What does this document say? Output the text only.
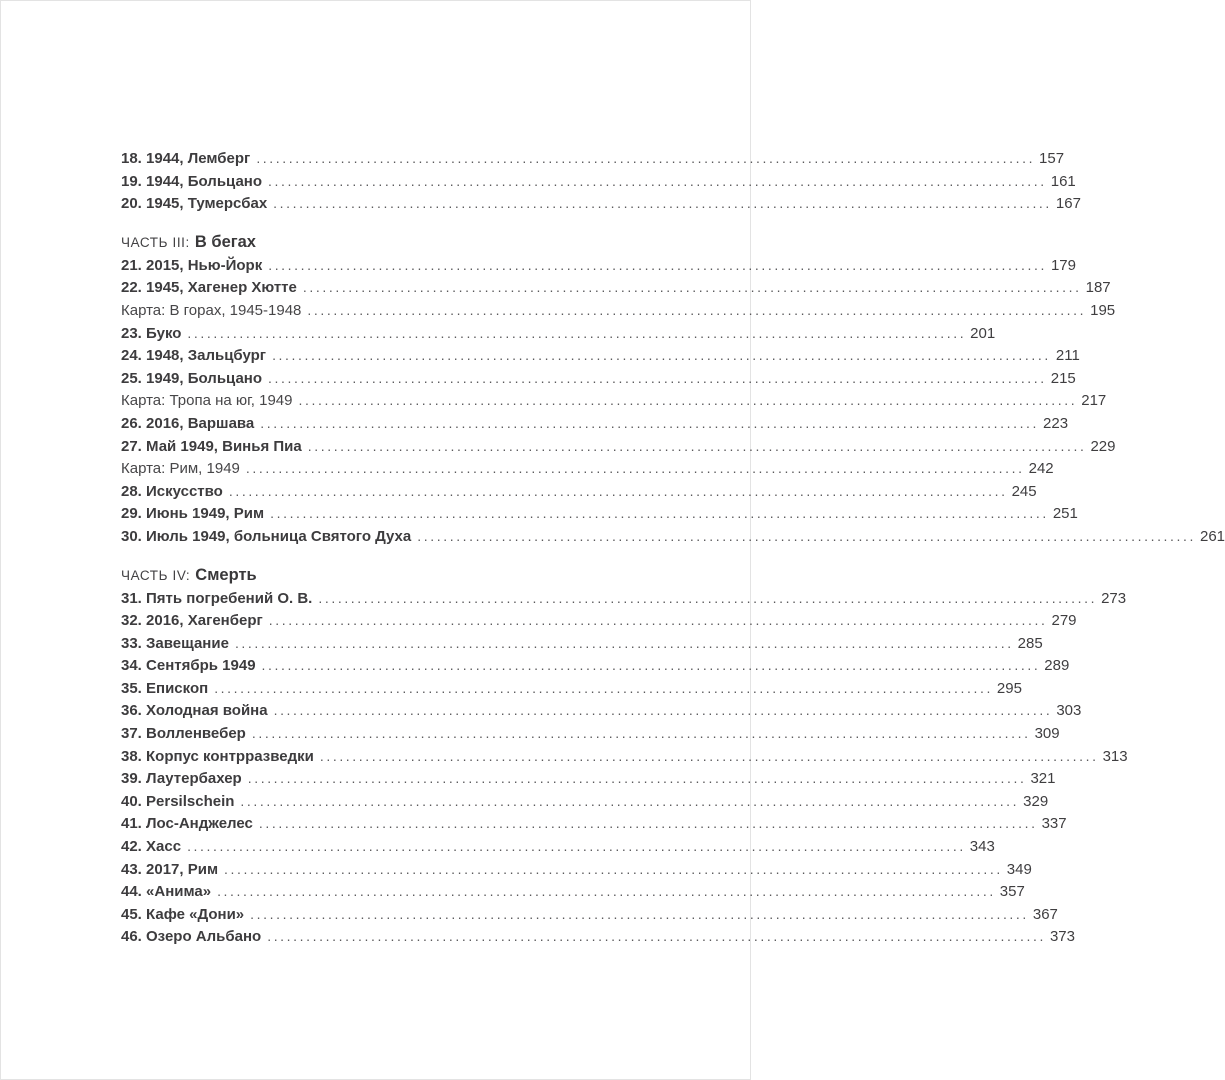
18. 1944, Лемберг ........................................................................................................................ 157
19. 1944, Больцано ........................................................................................................................ 161
20. 1945, Тумерсбах ........................................................................................................................ 167
ЧАСТЬ III: В бегах
21. 2015, Нью-Йорк ........................................................................................................................ 179
22. 1945, Хагенер Хютте ........................................................................................................................ 187
Карта: В горах, 1945-1948 ........................................................................................................................ 195
23. Буко ........................................................................................................................ 201
24. 1948, Зальцбург ........................................................................................................................ 211
25. 1949, Больцано ........................................................................................................................ 215
Карта: Тропа на юг, 1949 ........................................................................................................................ 217
26. 2016, Варшава ........................................................................................................................ 223
27. Май 1949, Винья Пиа ........................................................................................................................ 229
Карта: Рим, 1949 ........................................................................................................................ 242
28. Искусство ........................................................................................................................ 245
29. Июнь 1949, Рим ........................................................................................................................ 251
30. Июль 1949, больница Святого Духа ........................................................................................................................ 261
ЧАСТЬ IV: Смерть
31. Пять погребений О. В. ........................................................................................................................ 273
32. 2016, Хагенберг ........................................................................................................................ 279
33. Завещание ........................................................................................................................ 285
34. Сентябрь 1949 ........................................................................................................................ 289
35. Епископ ........................................................................................................................ 295
36. Холодная война ........................................................................................................................ 303
37. Волленвебер ........................................................................................................................ 309
38. Корпус контрразведки ........................................................................................................................ 313
39. Лаутербахер ........................................................................................................................ 321
40. Persilschein ........................................................................................................................ 329
41. Лос-Анджелес ........................................................................................................................ 337
42. Хасс ........................................................................................................................ 343
43. 2017, Рим ........................................................................................................................ 349
44. «Анима» ........................................................................................................................ 357
45. Кафе «Дони» ........................................................................................................................ 367
46. Озеро Альбано ........................................................................................................................ 373
